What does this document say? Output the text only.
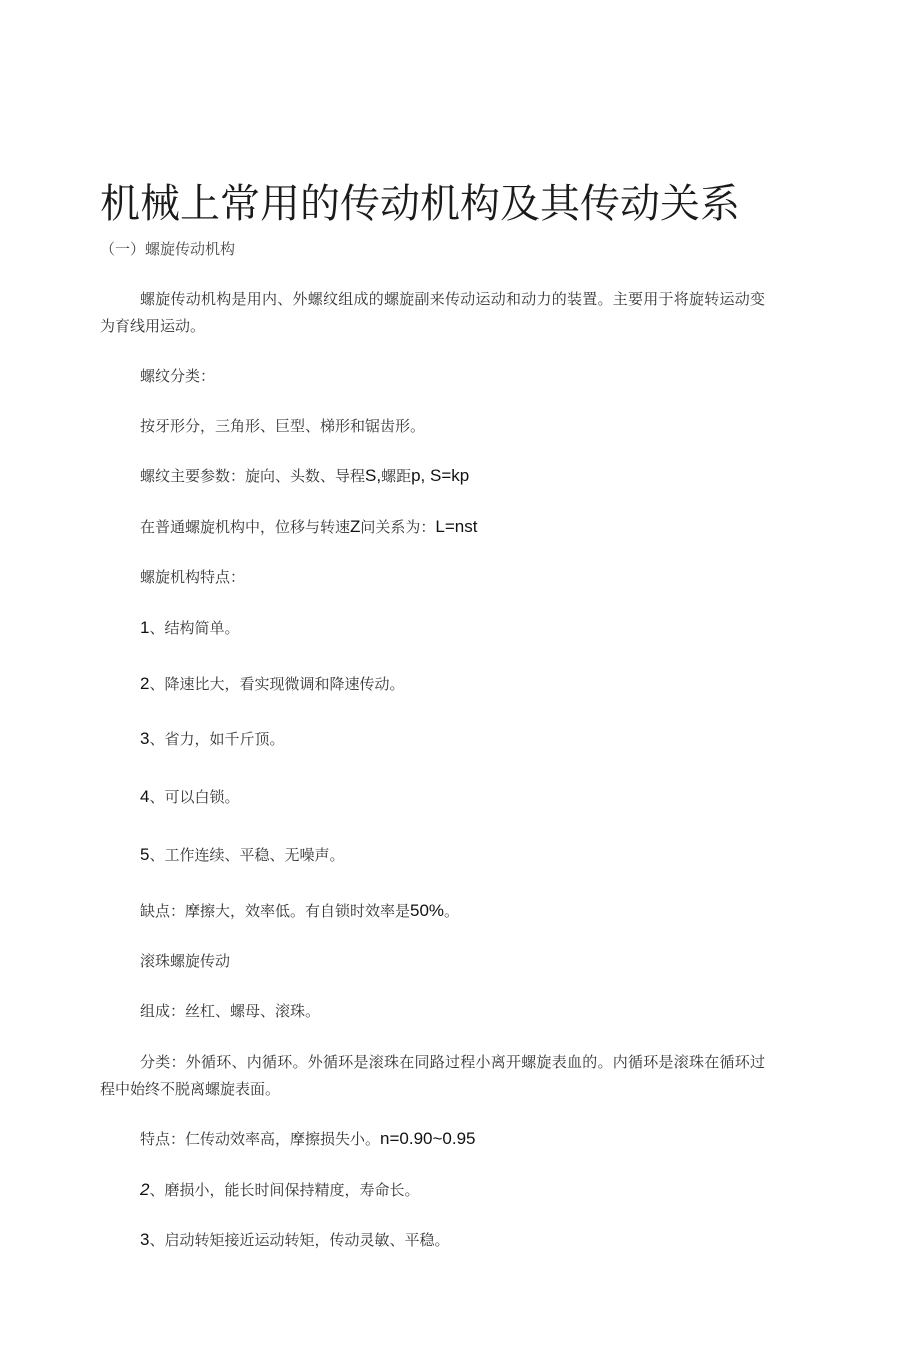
机械上常用的传动机构及其传动关系
（一）螺旋传动机构

螺旋传动机构是用内、外螺纹组成的螺旋副来传动运动和动力的装置。主要用于将旋转运动变为育线用运动。

螺纹分类：
按牙形分，三角形、巨型、梯形和锯齿形。
螺纹主要参数：旋向、头数、导程S,螺距p, S=kp
在普通螺旋机构中，位移与转速Z问关系为：L=nst
螺旋机构特点：
1、结构简单。
2、降速比大，看实现微调和降速传动。
3、省力，如千斤顶。
4、可以白锁。
5、工作连续、平稳、无噪声。
缺点：摩擦大，效率低。有自锁时效率是50%。
滚珠螺旋传动
组成：丝杠、螺母、滚珠。

分类：外循环、内循环。外循环是滚珠在同路过程小离开螺旋表血的。内循环是滚珠在循环过程中始终不脱离螺旋表面。

特点：仁传动效率高，摩擦损失小。n=0.90~0.95
2、磨损小，能长时间保持精度，寿命长。
3、启动转矩接近运动转矩，传动灵敏、平稳。
